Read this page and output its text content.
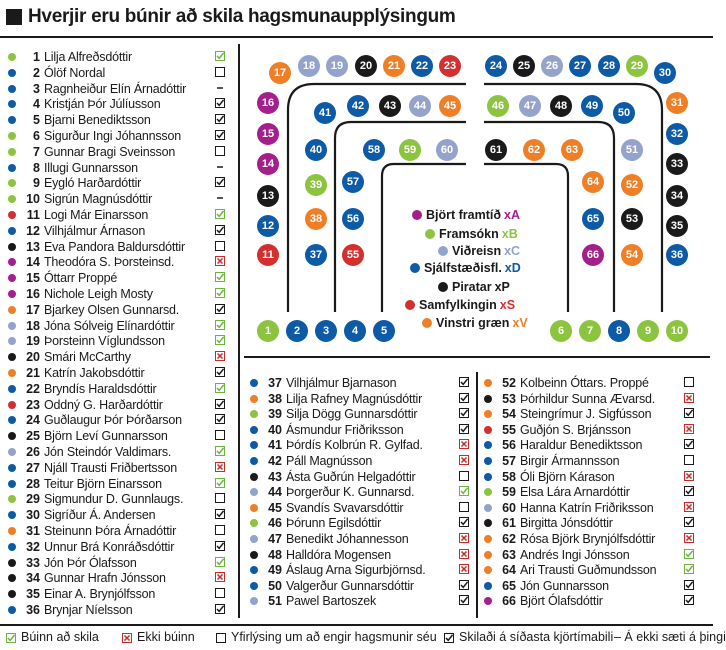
Hverjir eru búnir að skila hagsmunaupplýsingum
1 Lilja Alfreðsdóttir
2 Ólöf Nordal
3 Ragnheiður Elín Árnadóttir
4 Kristján Þór Júlíusson
5 Bjarni Benediktsson
6 Sigurður Ingi Jóhannsson
7 Gunnar Bragi Sveinsson
8 Illugi Gunnarsson
9 Eygló Harðardóttir
10 Sigrún Magnúsdóttir
11 Logi Már Einarsson
12 Vilhjálmur Árnason
13 Eva Pandora Baldursdóttir
14 Theodóra S. Þorsteinsd.
15 Óttarr Proppé
16 Nichole Leigh Mosty
17 Bjarkey Olsen Gunnarsd.
18 Jóna Sólveig Elínardóttir
19 Þorsteinn Víglundsson
20 Smári McCarthy
21 Katrín Jakobsdóttir
22 Bryndís Haraldsdóttir
23 Oddný G. Harðardóttir
24 Guðlaugur Þór Þórðarson
25 Björn Leví Gunnarsson
26 Jón Steindór Valdimars.
27 Njáll Trausti Friðbertsson
28 Teitur Björn Einarsson
29 Sigmundur D. Gunnlaugs.
30 Sigríður Á. Andersen
31 Steinunn Þóra Árnadóttir
32 Unnur Brá Konráðsdóttir
33 Jón Þór Ólafsson
34 Gunnar Hrafn Jónsson
35 Einar A. Brynjólfsson
36 Brynjar Níelsson
37 Vilhjálmur Bjarnason
38 Lilja Rafney Magnúsdóttir
39 Silja Dögg Gunnarsdóttir
40 Ásmundur Friðriksson
41 Þórdís Kolbrún R. Gylfad.
42 Páll Magnússon
43 Ásta Guðrún Helgadóttir
44 Þorgerður K. Gunnarsd.
45 Svandís Svavarsdóttir
46 Þórunn Egilsdóttir
47 Benedikt Jóhannesson
48 Halldóra Mogensen
49 Áslaug Arna Sigurbjörnsd.
50 Valgerður Gunnarsdóttir
51 Pawel Bartoszek
52 Kolbeinn Óttars. Proppé
53 Þórhildur Sunna Ævarsd.
54 Steingrímur J. Sigfússon
55 Guðjón S. Brjánsson
56 Haraldur Benediktsson
57 Birgir Ármannsson
58 Óli Björn Kárason
59 Elsa Lára Arnardóttir
60 Hanna Katrín Friðriksson
61 Birgitta Jónsdóttir
62 Rósa Björk Brynjólfsdóttir
63 Andrés Ingi Jónsson
64 Ari Trausti Guðmundsson
65 Jón Gunnarsson
66 Björt Ólafsdóttir
1	2	3	4	5	6	7	8	9	10
11
12
13
14
15
16
17
18	19	20	21	22	23	24	25	26	27	28	29
30
31
32
33
34
35
36
37
38
39
40
41
42	43	44	45	46	47	48	49
50
51
52
53
54
55
56
57
58	59	60	61	62	63
64
65
66
Björt framtíð xA
Framsókn xB
Viðreisn xC
Sjálfstæðisfl. xD
Piratar xP
Samfylkingin xS
Vinstri græn xV
Búinn að skila	Ekki búinn	Yfirlýsing um að engir hagsmunir séu Skilaði á síðasta kjörtímabili – Á ekki sæti á þingi
